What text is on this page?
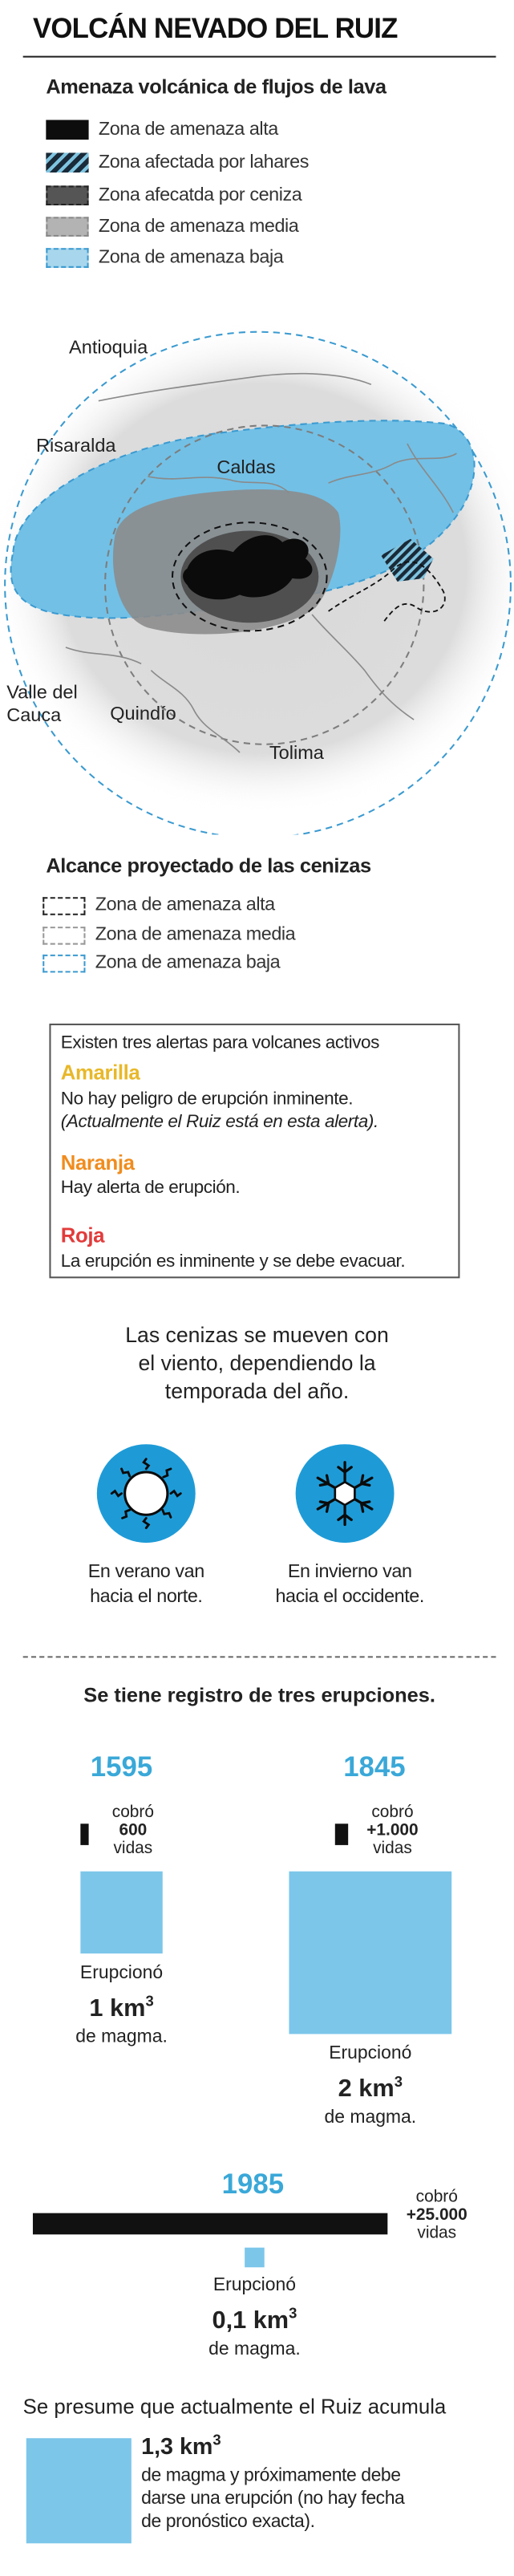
VOLCÁN NEVADO DEL RUIZ
Amenaza volcánica de flujos de lava
Zona de amenaza alta
Zona afectada por lahares
Zona afecatda por ceniza
Zona de amenaza media
Zona de amenaza baja
Antioquia
Risaralda
Caldas
Valle del
Cauca	Quindío
Tolima
Alcance proyectado de las cenizas
Zona de amenaza alta
Zona de amenaza media
Zona de amenaza baja
Existen tres alertas para volcanes activos
Amarilla
No hay peligro de erupción inminente.
(Actualmente el Ruiz está en esta alerta).
Naranja
Hay alerta de erupción.
Roja
La erupción es inminente y se debe evacuar.
Las cenizas se mueven con
el viento, dependiendo la
temporada del año.
En verano van
hacia el norte.
En invierno van
hacia el occidente.
Se tiene registro de tres erupciones.
1595
cobró
600
vidas
Erupcionó
1 $km^3$
de magma.
1845
cobró
+1.000
vidas
Erupcionó
2 $km^3$
de magma.
1985	cobró
+25.000
vidas
Erupcionó
0,1 $km^3$
de magma.
Se presume que actualmente el Ruiz acumula
1,3 $km^3$
de magma y próximamente debe
darse una erupción (no hay fecha
de pronóstico exacta).
